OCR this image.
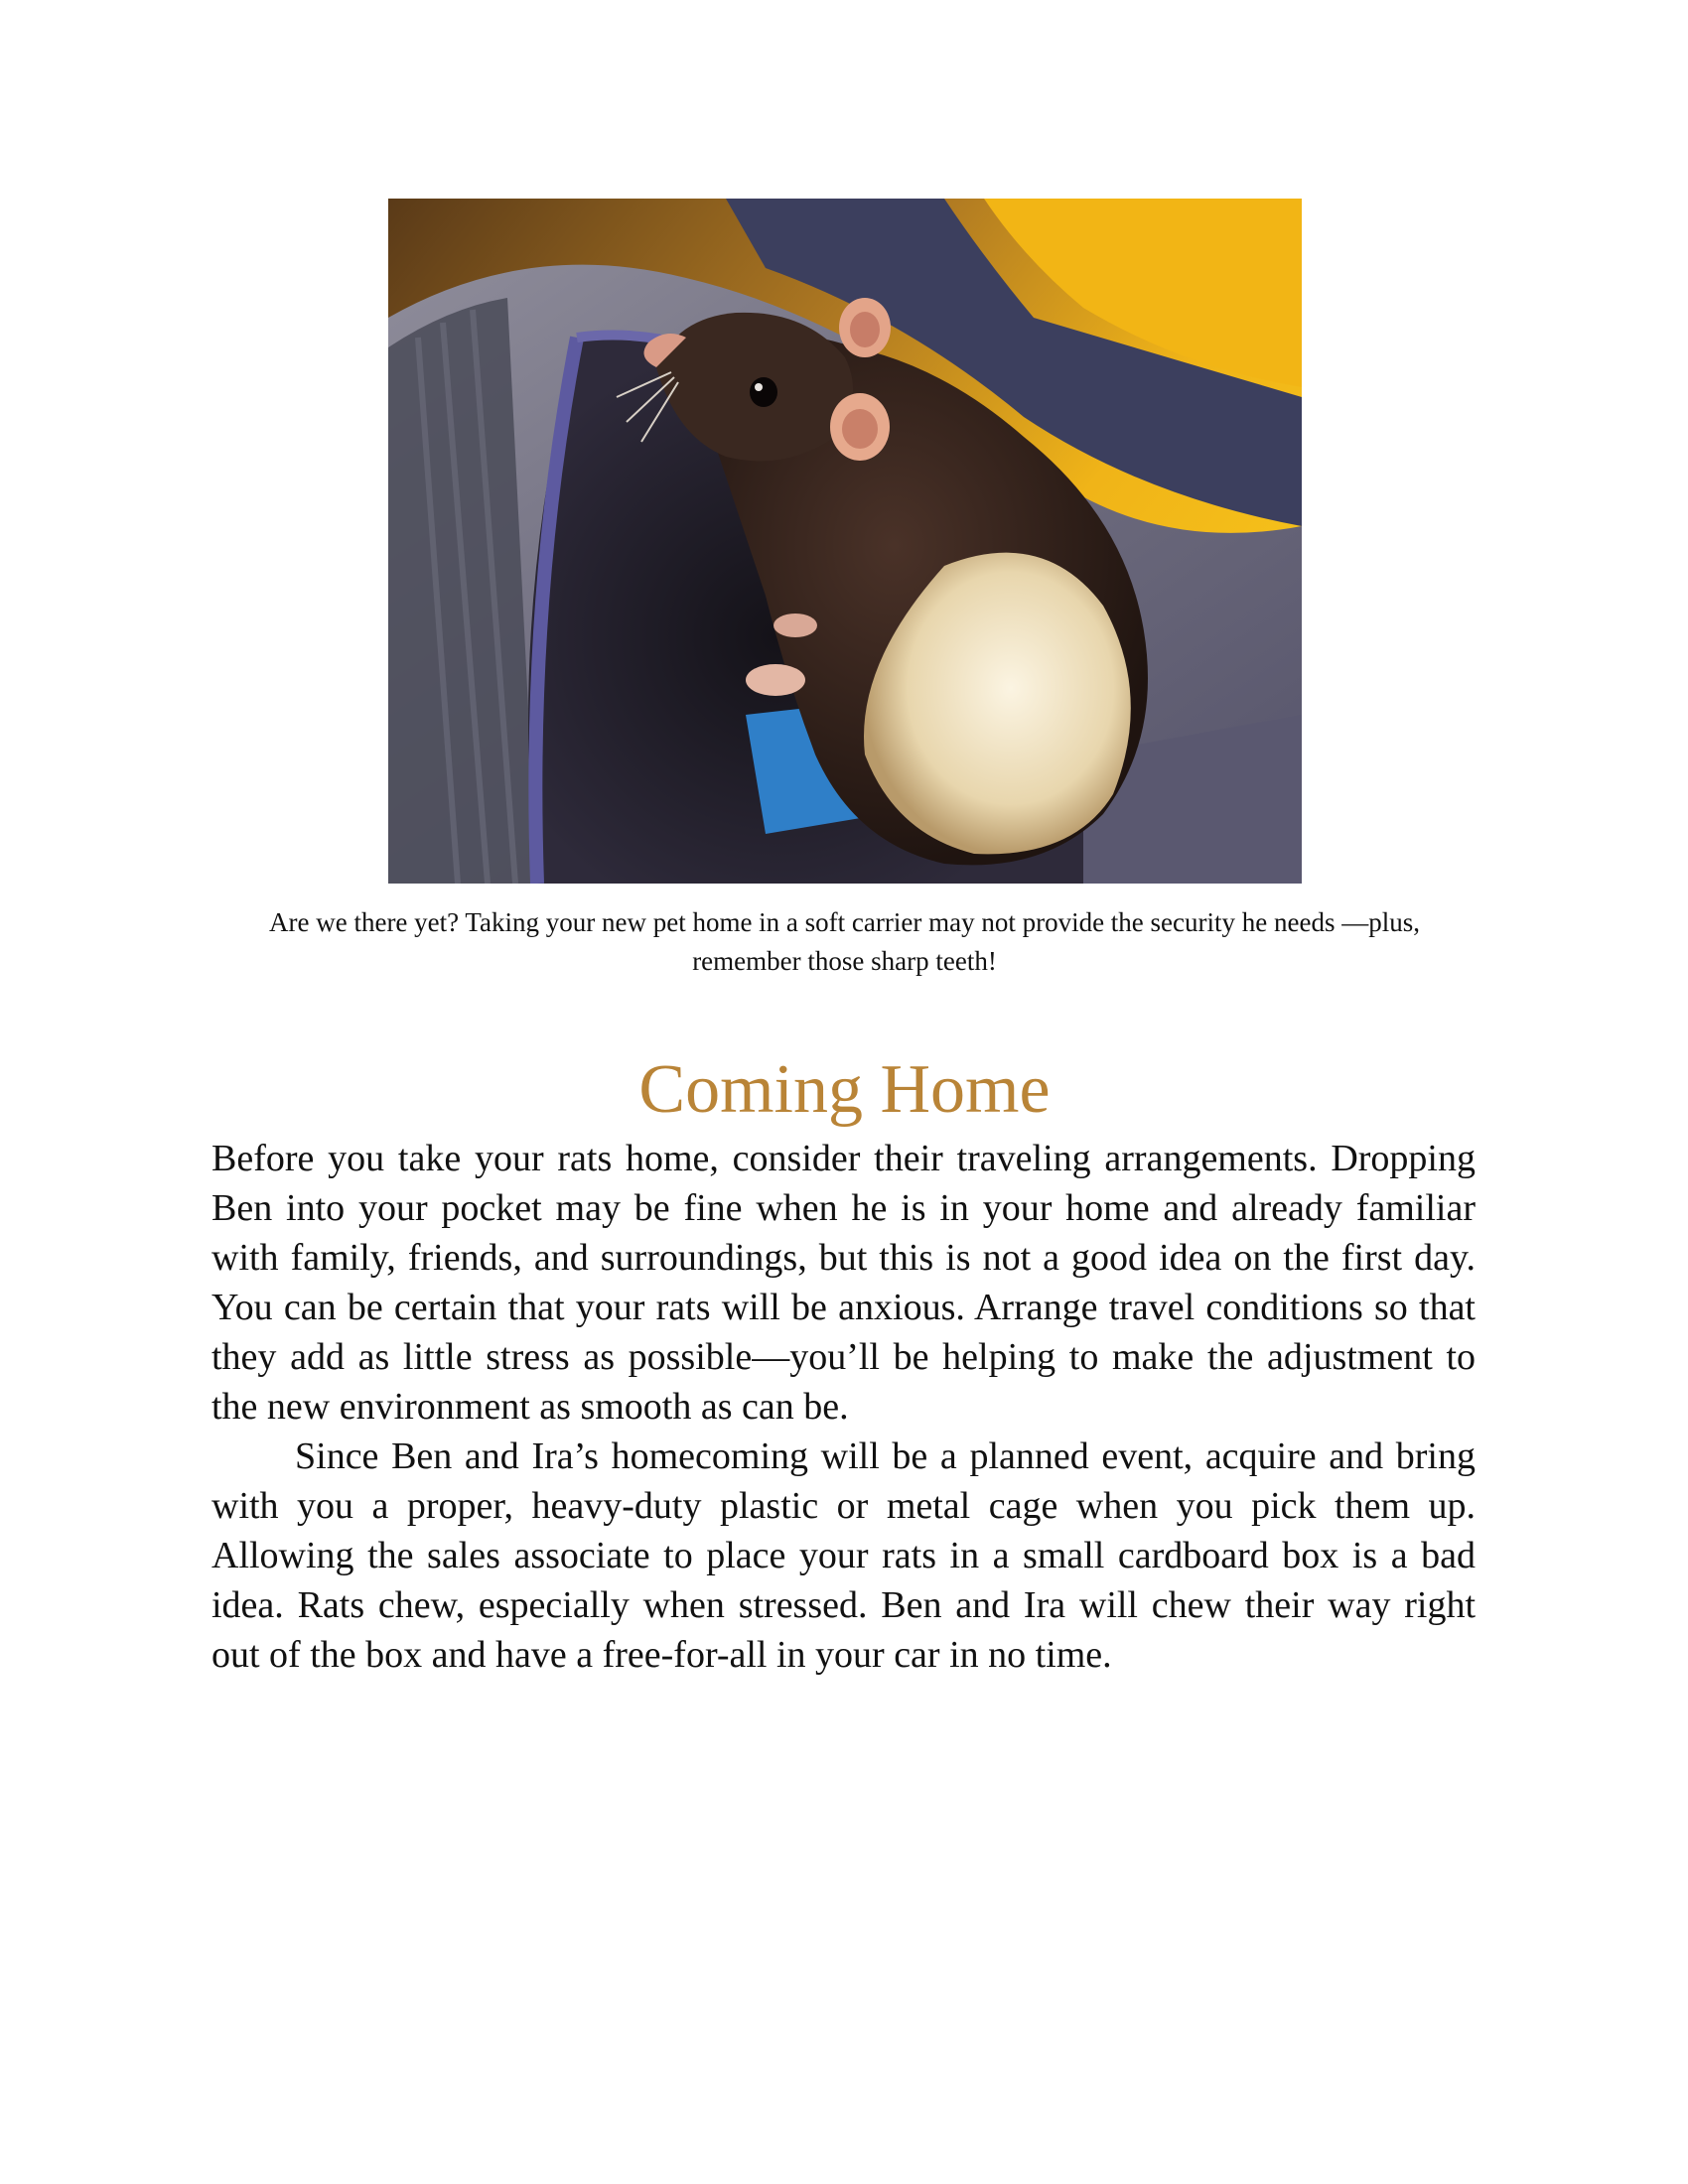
Are we there yet? Taking your new pet home in a soft carrier may not provide the security he needs —plus, remember those sharp teeth!
Coming Home

Before you take your rats home, consider their traveling arrangements. Dropping Ben into your pocket may be fine when he is in your home and already familiar with family, friends, and surroundings, but this is not a good idea on the first day. You can be certain that your rats will be anxious. Arrange travel conditions so that they add as little stress as possible—you’ll be helping to make the adjustment to the new environment as smooth as can be.

Since Ben and Ira’s homecoming will be a planned event, acquire and bring with you a proper, heavy-duty plastic or metal cage when you pick them up. Allowing the sales associate to place your rats in a small cardboard box is a bad idea. Rats chew, especially when stressed. Ben and Ira will chew their way right out of the box and have a free-for-all in your car in no time.
